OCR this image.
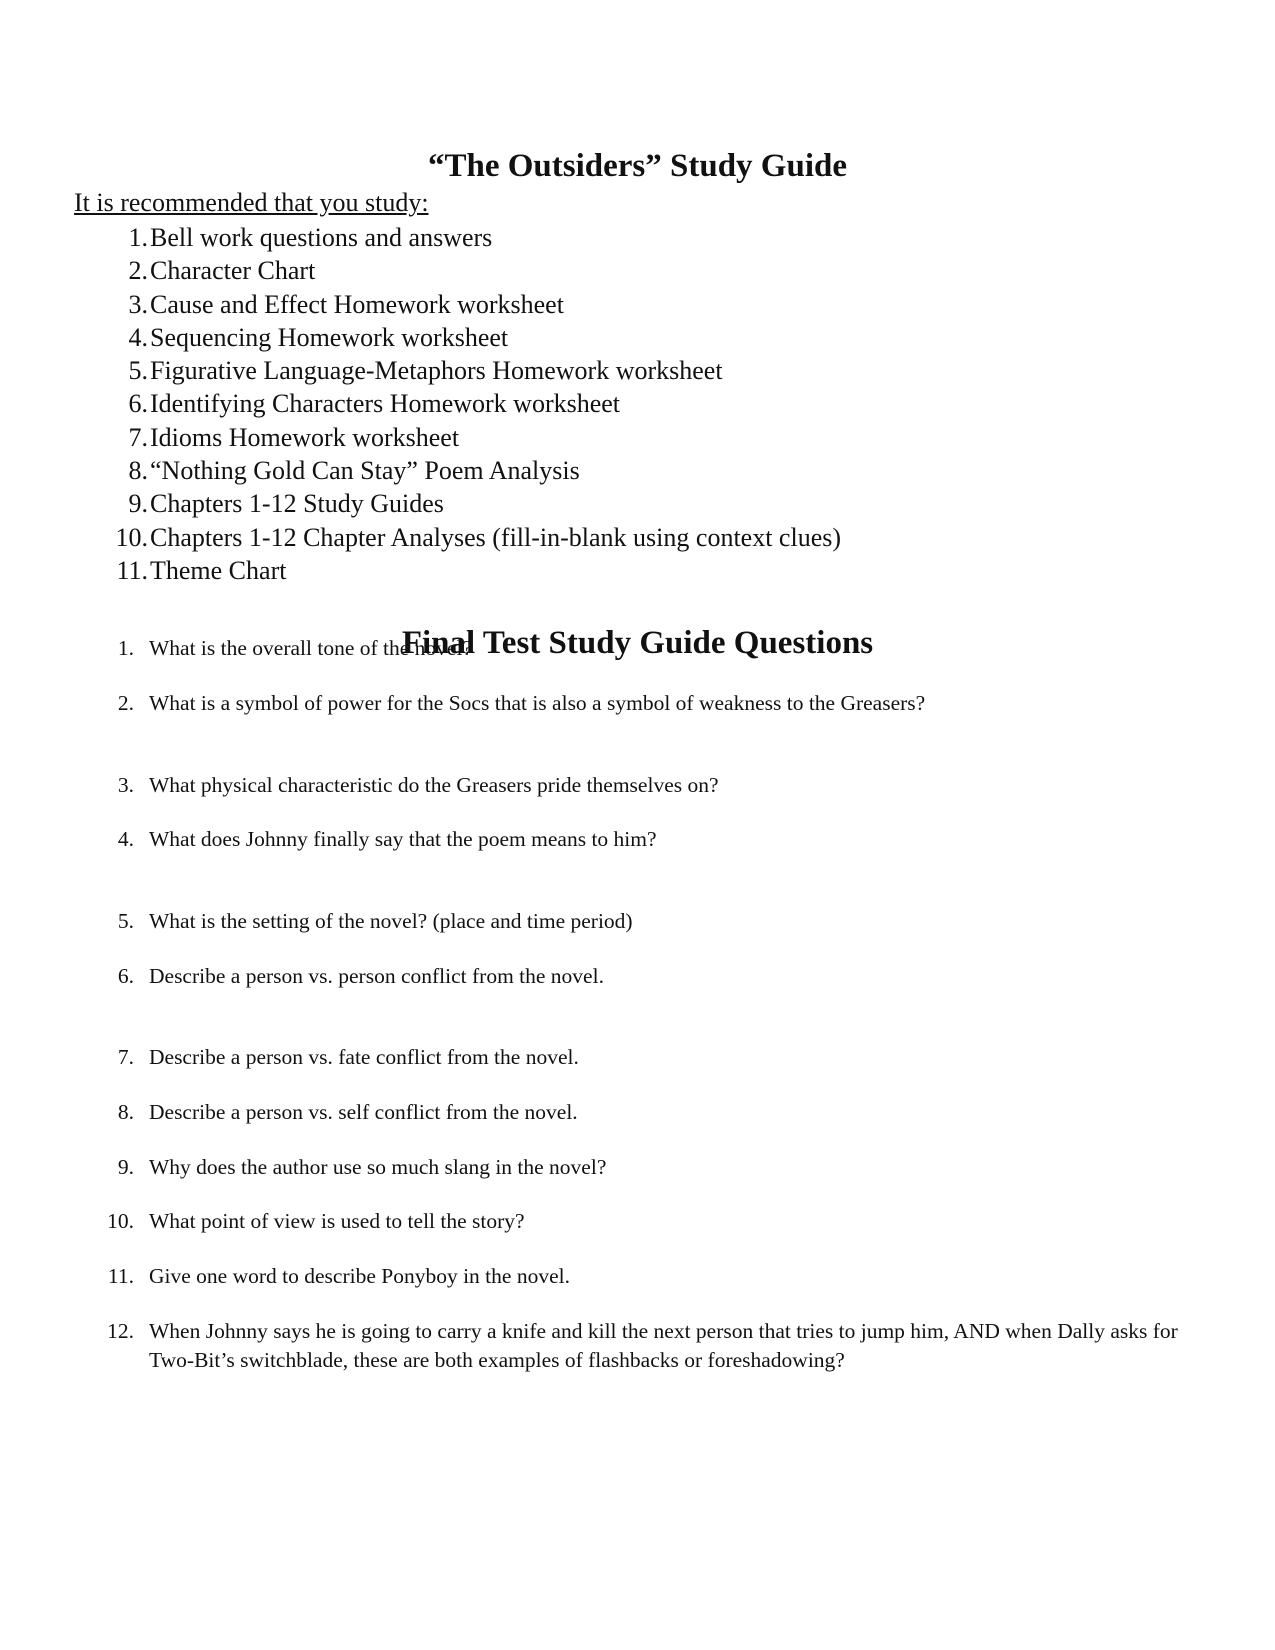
“The Outsiders” Study Guide
It is recommended that you study:
1. Bell work questions and answers
2. Character Chart
3. Cause and Effect Homework worksheet
4. Sequencing Homework worksheet
5. Figurative Language-Metaphors Homework worksheet
6. Identifying Characters Homework worksheet
7. Idioms Homework worksheet
8. “Nothing Gold Can Stay” Poem Analysis
9. Chapters 1-12 Study Guides
10. Chapters 1-12 Chapter Analyses (fill-in-blank using context clues)
11. Theme Chart
Final Test Study Guide Questions
1. What is the overall tone of the novel?
2. What is a symbol of power for the Socs that is also a symbol of weakness to the Greasers?
3. What physical characteristic do the Greasers pride themselves on?
4. What does Johnny finally say that the poem means to him?
5. What is the setting of the novel? (place and time period)
6. Describe a person vs. person conflict from the novel.
7. Describe a person vs. fate conflict from the novel.
8. Describe a person vs. self conflict from the novel.
9. Why does the author use so much slang in the novel?
10. What point of view is used to tell the story?
11. Give one word to describe Ponyboy in the novel.
12. When Johnny says he is going to carry a knife and kill the next person that tries to jump him, AND when Dally asks for Two-Bit’s switchblade, these are both examples of flashbacks or foreshadowing?
